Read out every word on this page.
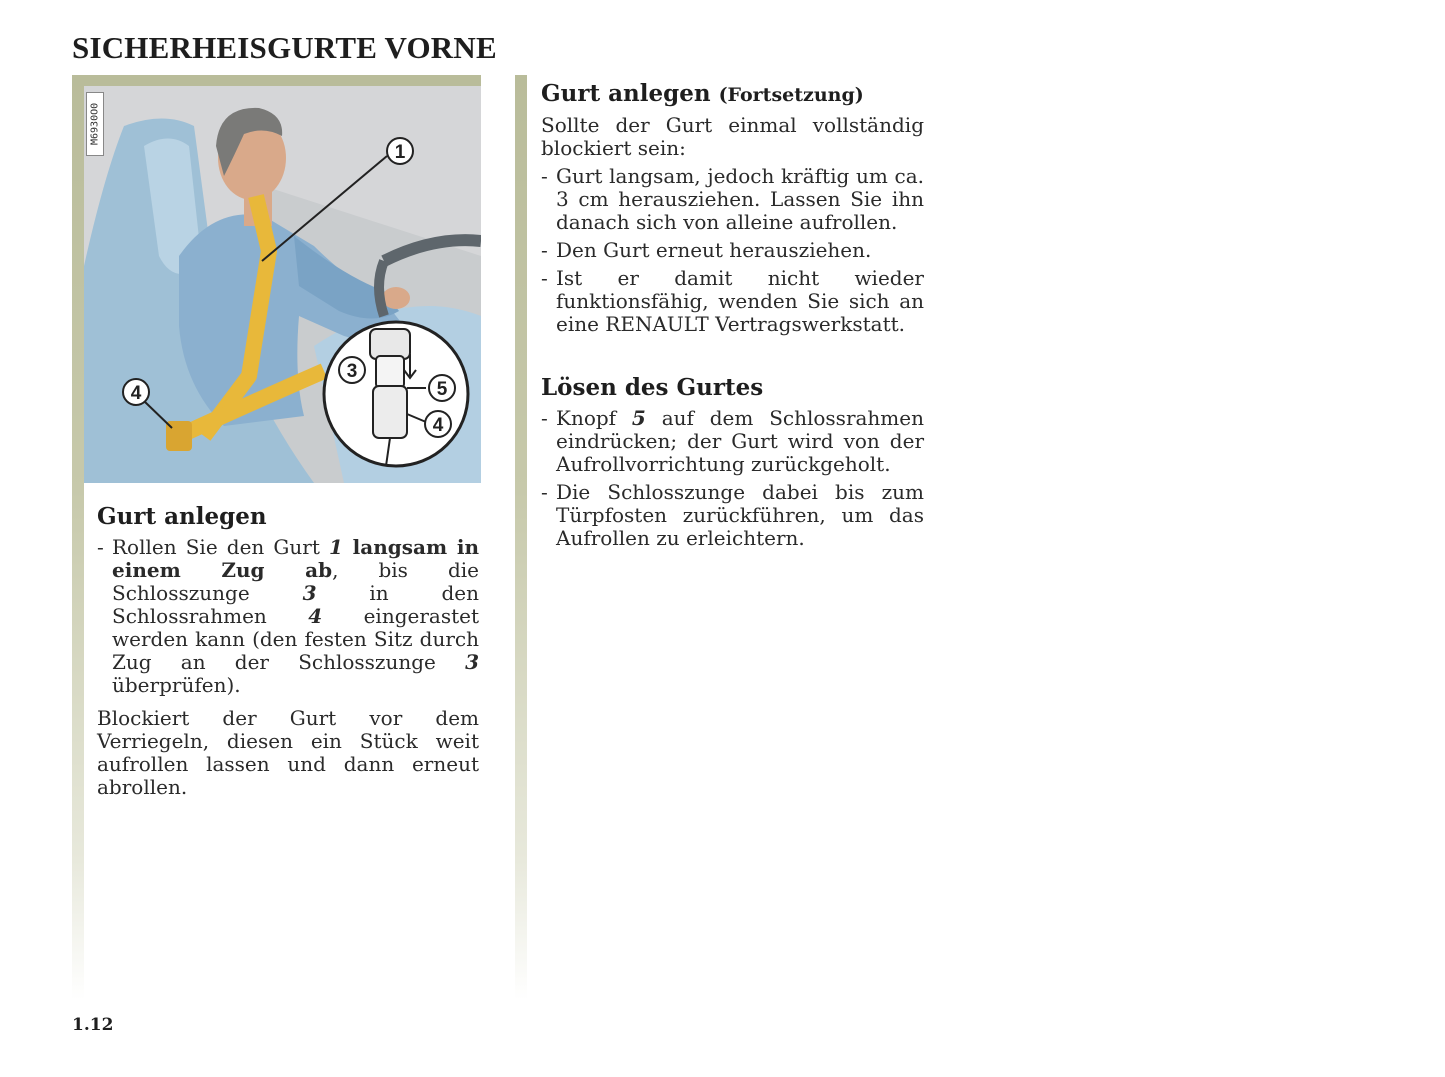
SICHERHEISGURTE VORNE
1
3
4
4
5
M6930O0
Gurt anlegen
- Rollen Sie den Gurt 1 langsam in einem Zug ab, bis die Schlosszunge 3 in den Schlossrahmen 4 eingerastet werden kann (den festen Sitz durch Zug an der Schlosszunge 3 überprüfen).

Blockiert der Gurt vor dem Verriegeln, diesen ein Stück weit aufrollen lassen und dann erneut abrollen.

Gurt anlegen (Fortsetzung)

Sollte der Gurt einmal vollständig blockiert sein:

- Gurt langsam, jedoch kräftig um ca. 3 cm herausziehen. Lassen Sie ihn danach sich von alleine aufrollen.
- Den Gurt erneut herausziehen.
- Ist er damit nicht wieder funktionsfähig, wenden Sie sich an eine RENAULT Vertragswerkstatt.
Lösen des Gurtes
- Knopf 5 auf dem Schlossrahmen eindrücken; der Gurt wird von der Aufrollvorrichtung zurückgeholt.
- Die Schlosszunge dabei bis zum Türpfosten zurückführen, um das Aufrollen zu erleichtern.
1.12
